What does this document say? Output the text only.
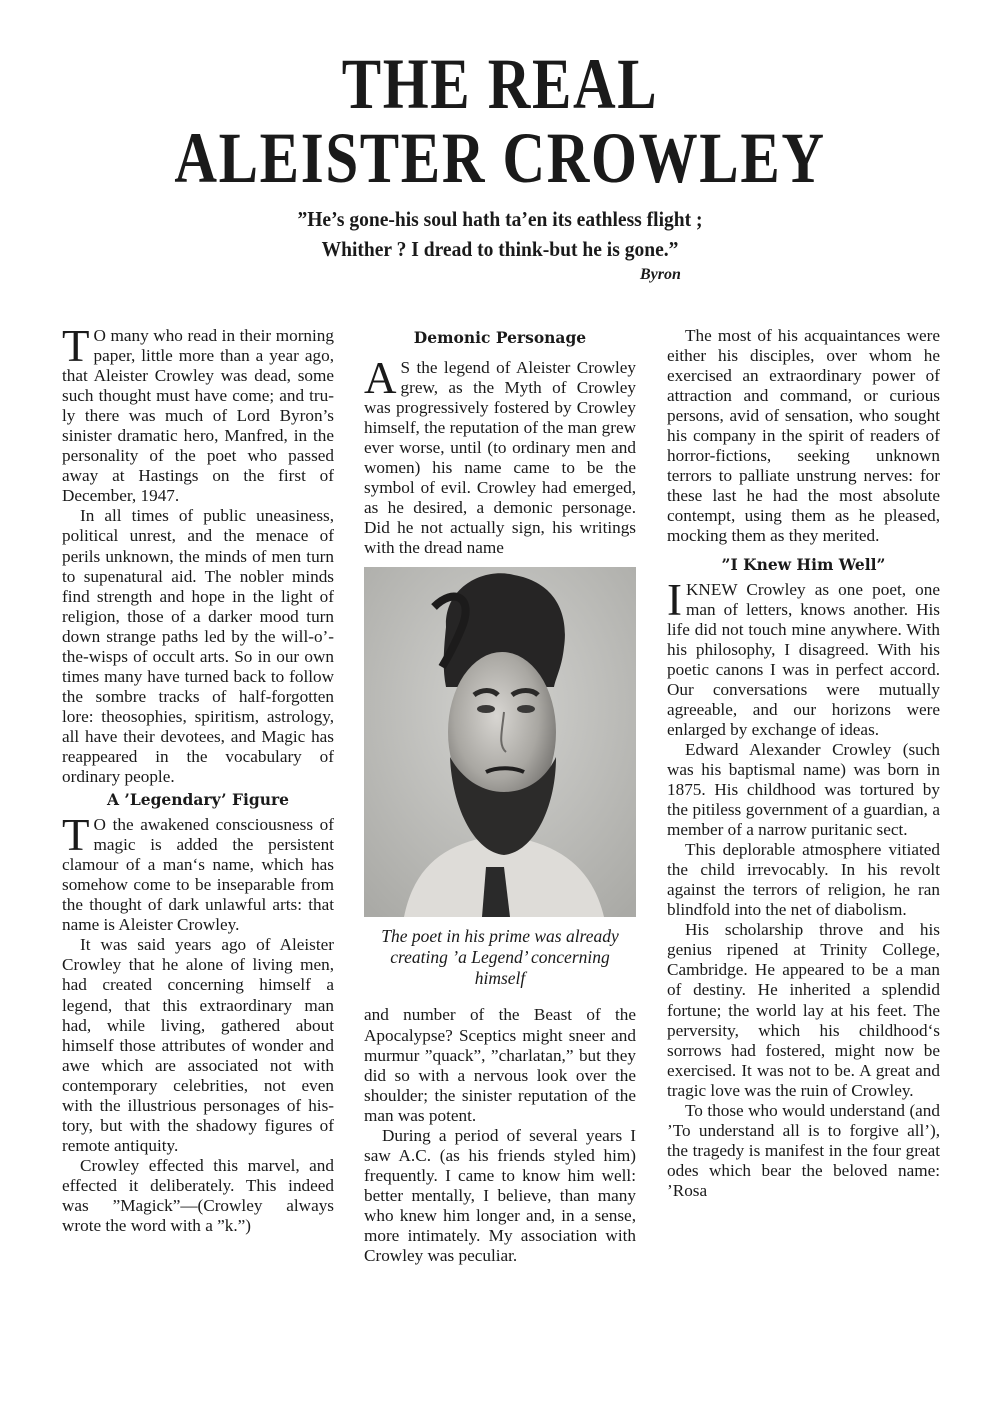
THE REAL
ALEISTER CROWLEY
”He’s gone-his soul hath ta’en its eathless flight ;
Whither ? I dread to think-but he is gone.”
Byron

T O many who read in their morning paper, little more than a year ago, that Aleister Crowley was dead, some such thought must have come; and truly there was much of Lord Byron’s sinister dramatic hero, Manfred, in the personality of the poet who passed away at Hastings on the first of December, 1947.

In all times of public uneasiness, political unrest, and the menace of perils unknown, the minds of men turn to supenatural aid. The nobler minds find strength and hope in the light of religion, those of a darker mood turn down strange paths led by the will-o’-the-wisps of occult arts. So in our own times many have turned back to follow the sombre tracks of half-forgotten lore: theosophies, spiritism, astrology, all have their devotees, and Magic has reappeared in the vocabulary of ordinary people.

A ’Legendary’ Figure

T O the awakened consciousness of magic is added the persistent clamour of a man‘s name, which has somehow come to be inseparable from the thought of dark unlawful arts: that name is Aleister Crowley.

It was said years ago of Aleister Crowley that he alone of living men, had created concerning himself a legend, that this extraordinary man had, while living, gathered about himself those attributes of wonder and awe which are associated not with contemporary celebrities, not even with the illustrious personages of history, but with the shadowy figures of remote antiquity.

Crowley effected this marvel, and effected it deliberately. This indeed was ”Magick”—(Crowley always wrote the word with a ”k.”)

Demonic Personage

A S the legend of Aleister Crowley grew, as the Myth of Crowley was progressively fostered by Crowley himself, the reputation of the man grew ever worse, until (to ordinary men and women) his name came to be the symbol of evil. Crowley had emerged, as he desired, a demonic personage. Did he not actually sign, his writings with the dread name

The poet in his prime was already creating ’a Legend’ concerning himself

and number of the Beast of the Apocalypse? Sceptics might sneer and murmur ”quack”, ”charlatan,” but they did so with a nervous look over the shoulder; the sinister reputation of the man was potent.

During a period of several years I saw A.C. (as his friends styled him) frequently. I came to know him well: better mentally, I believe, than many who knew him longer and, in a sense, more intimately. My association with Crowley was peculiar.

The most of his acquaintances were either his disciples, over whom he exercised an extraordinary power of attraction and command, or curious persons, avid of sensation, who sought his company in the spirit of readers of horror-fictions, seeking unknown terrors to palliate unstrung nerves: for these last he had the most absolute contempt, using them as he pleased, mocking them as they merited.

”I Knew Him Well”

IKNEW Crowley as one poet, one man of letters, knows another. His life did not touch mine anywhere. With his philosophy, I disagreed. With his poetic canons I was in perfect accord. Our conversations were mutually agreeable, and our horizons were enlarged by exchange of ideas.

Edward Alexander Crowley (such was his baptismal name) was born in 1875. His childhood was tortured by the pitiless government of a guardian, a member of a narrow puritanic sect.

This deplorable atmosphere vitiated the child irrevocably. In his revolt against the terrors of religion, he ran blindfold into the net of diabolism.

His scholarship throve and his genius ripened at Trinity College, Cambridge. He appeared to be a man of destiny. He inherited a splendid fortune; the world lay at his feet. The perversity, which his childhood‘s sorrows had fostered, might now be exercised. It was not to be. A great and tragic love was the ruin of Crowley.

To those who would understand (and ’To understand all is to forgive all’), the tragedy is manifest in the four great odes which bear the beloved name: ’Rosa
